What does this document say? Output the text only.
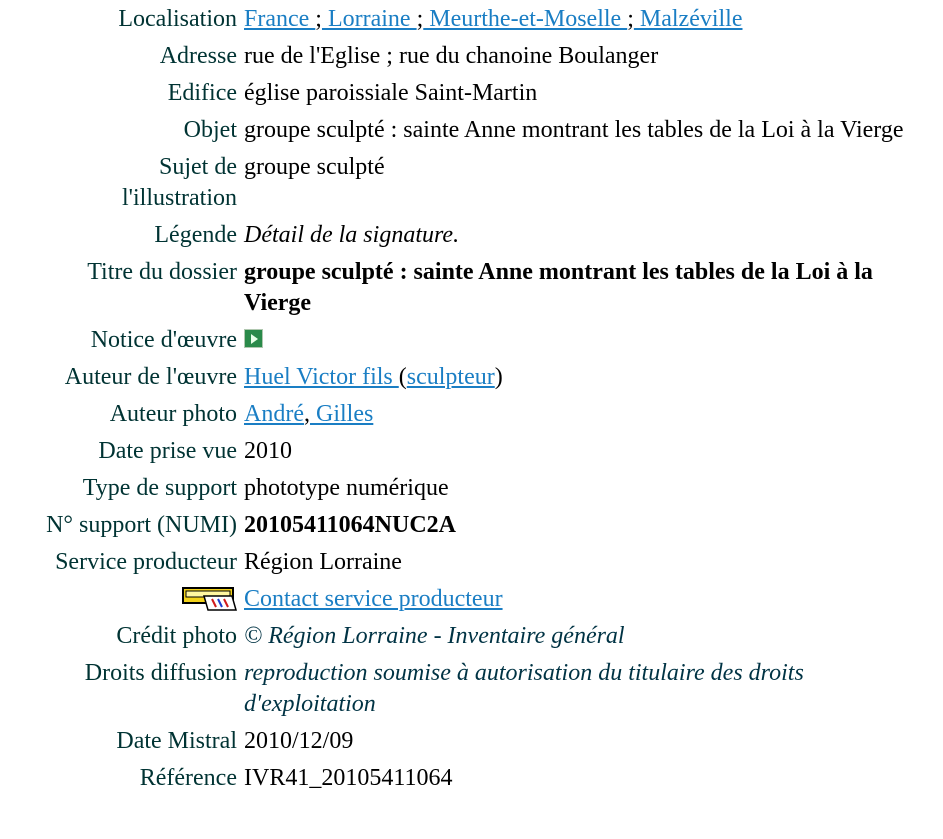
Localisation France ; Lorraine ; Meurthe-et-Moselle ; Malzéville
Adresse rue de l'Eglise ; rue du chanoine Boulanger
Edifice église paroissiale Saint-Martin
Objet groupe sculpté : sainte Anne montrant les tables de la Loi à la Vierge
Sujet de
l'illustration
groupe sculpté
Légende Détail de la signature.
Titre du dossier groupe sculpté : sainte Anne montrant les tables de la Loi à la Vierge
Notice d'œuvre
Auteur de l'œuvre Huel Victor fils (sculpteur)
Auteur photo André, Gilles
Date prise vue 2010
Type de support phototype numérique
N° support (NUMI) 20105411064NUC2A
Service producteur Région Lorraine
Contact service producteur
Crédit photo © Région Lorraine - Inventaire général
Droits diffusion reproduction soumise à autorisation du titulaire des droits d'exploitation
Date Mistral 2010/12/09
Référence IVR41_20105411064
